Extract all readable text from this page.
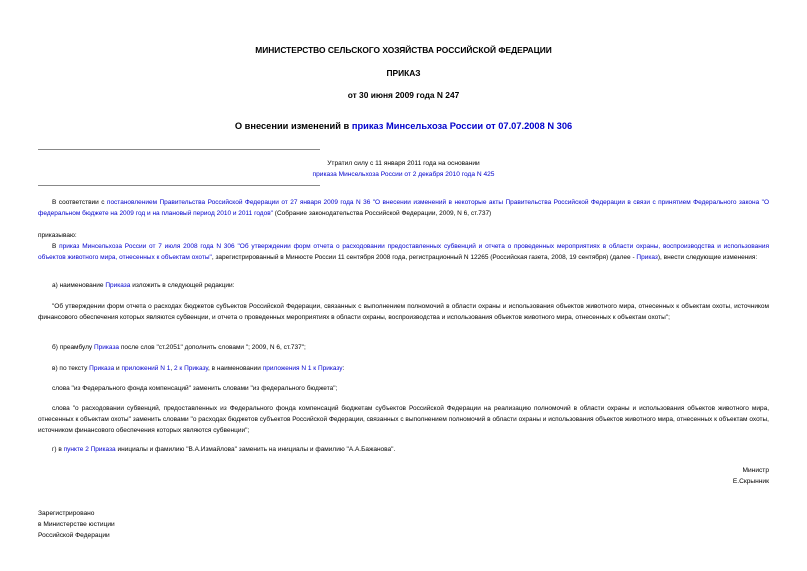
МИНИСТЕРСТВО СЕЛЬСКОГО ХОЗЯЙСТВА РОССИЙСКОЙ ФЕДЕРАЦИИ
ПРИКАЗ
от 30 июня 2009 года N 247
О внесении изменений в приказ Минсельхоза России от 07.07.2008 N 306
Утратил силу с 11 января 2011 года на основании
приказа Минсельхоза России от 2 декабря 2010 года N 425

В соответствии с постановлением Правительства Российской Федерации от 27 января 2009 года N 36 "О внесении изменений в некоторые акты Правительства Российской Федерации в связи с принятием Федерального закона "О федеральном бюджете на 2009 год и на плановый период 2010 и 2011 годов" (Собрание законодательства Российской Федерации, 2009, N 6, ст.737)

приказываю:

В приказ Минсельхоза России от 7 июля 2008 года N 306 "Об утверждении форм отчета о расходовании предоставленных субвенций и отчета о проведенных мероприятиях в области охраны, воспроизводства и использования объектов животного мира, отнесенных к объектам охоты", зарегистрированный в Минюсте России 11 сентября 2008 года, регистрационный N 12265 (Российская газета, 2008, 19 сентября) (далее - Приказ), внести следующие изменения:

а) наименование Приказа изложить в следующей редакции:

"Об утверждении форм отчета о расходах бюджетов субъектов Российской Федерации, связанных с выполнением полномочий в области охраны и использования объектов животного мира, отнесенных к объектам охоты, источником финансового обеспечения которых являются субвенции, и отчета о проведенных мероприятиях в области охраны, воспроизводства и использования объектов животного мира, отнесенных к объектам охоты";

б) преамбулу Приказа после слов "ст.2051" дополнить словами "; 2009, N 6, ст.737";

в) по тексту Приказа и приложений N 1, 2 к Приказу, в наименовании приложения N 1 к Приказу:

слова "из Федерального фонда компенсаций" заменить словами "из федерального бюджета";

слова "о расходовании субвенций, предоставленных из Федерального фонда компенсаций бюджетам субъектов Российской Федерации на реализацию полномочий в области охраны и использования объектов животного мира, отнесенных к объектам охоты" заменить словами "о расходах бюджетов субъектов Российской Федерации, связанных с выполнением полномочий в области охраны и использования объектов животного мира, отнесенных к объектам охоты, источником финансового обеспечения которых являются субвенции";

г) в пункте 2 Приказа инициалы и фамилию "В.А.Измайлова" заменить на инициалы и фамилию "А.А.Бажанова".

Министр
Е.Скрынник
Зарегистрировано
в Министерстве юстиции
Российской Федерации
